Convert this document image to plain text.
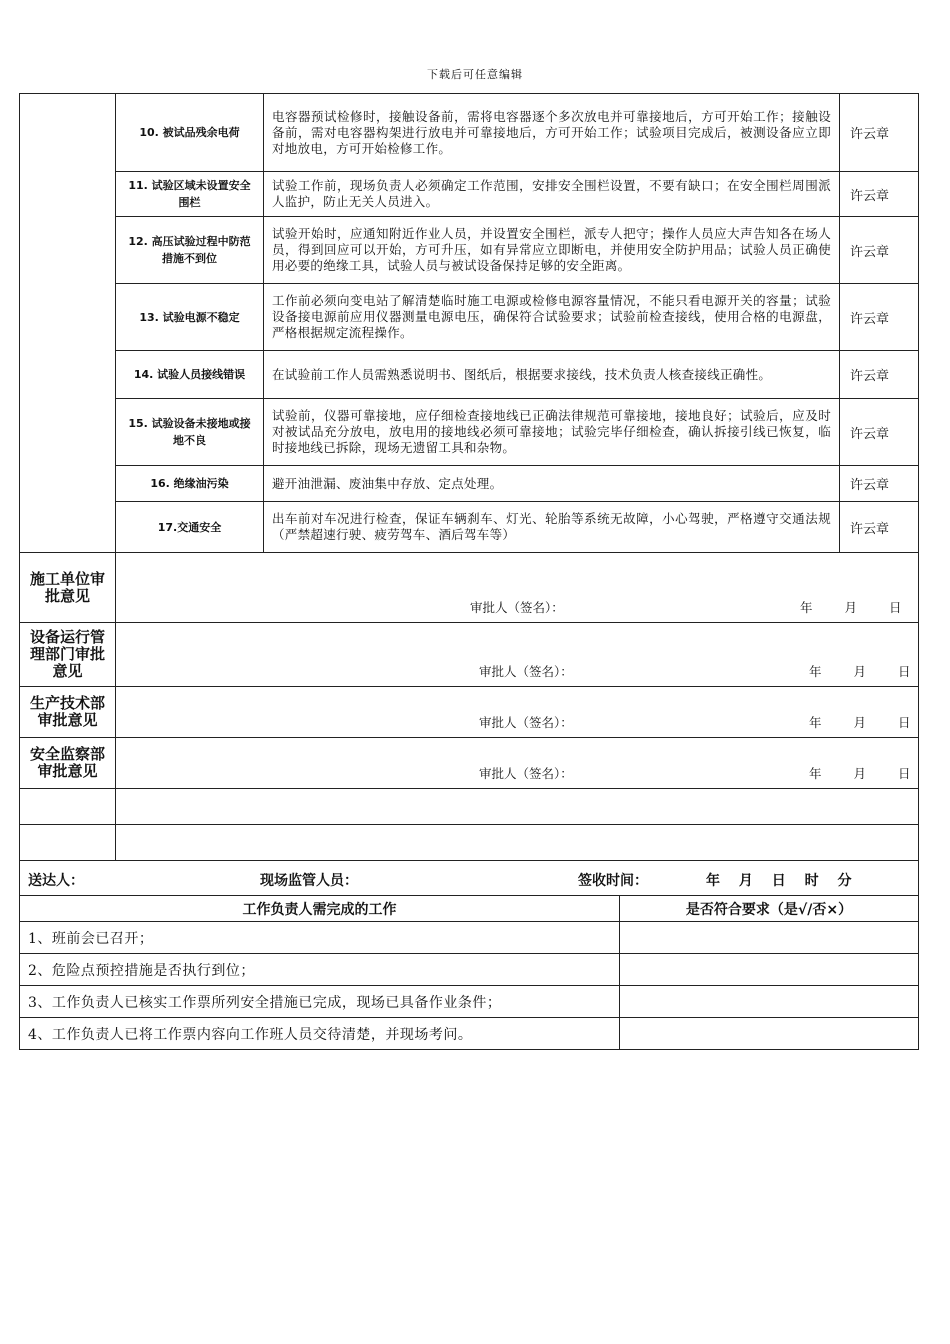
下载后可任意编辑
	10. 被试品残余电荷	电容器预试检修时，接触设备前，需将电容器逐个多次放电并可靠接地后，方可开始工作；接触设备前，需对电容器构架进行放电并可靠接地后，方可开始工作；试验项目完成后，被测设备应立即对地放电，方可开始检修工作。	许云章
	11. 试验区域未设置安全围栏	试验工作前，现场负责人必须确定工作范围，安排安全围栏设置，不要有缺口；在安全围栏周围派人监护，防止无关人员进入。	许云章
	12. 高压试验过程中防范措施不到位	试验开始时，应通知附近作业人员，并设置安全围栏，派专人把守；操作人员应大声告知各在场人员，得到回应可以开始，方可升压，如有异常应立即断电，并使用安全防护用品；试验人员正确使用必要的绝缘工具，试验人员与被试设备保持足够的安全距离。	许云章
	13. 试验电源不稳定	工作前必须向变电站了解清楚临时施工电源或检修电源容量情况，不能只看电源开关的容量；试验设备接电源前应用仪器测量电源电压，确保符合试验要求；试验前检查接线，使用合格的电源盘，严格根据规定流程操作。	许云章
	14. 试验人员接线错误	在试验前工作人员需熟悉说明书、图纸后，根据要求接线，技术负责人核查接线正确性。	许云章
	15. 试验设备未接地或接地不良	试验前，仪器可靠接地，应仔细检查接地线已正确法律规范可靠接地，接地良好；试验后，应及时对被试品充分放电，放电用的接地线必须可靠接地；试验完毕仔细检查，确认拆接引线已恢复，临时接地线已拆除，现场无遗留工具和杂物。	许云章
	16. 绝缘油污染	避开油泄漏、废油集中存放、定点处理。	许云章
	17.交通安全	出车前对车况进行检查，保证车辆刹车、灯光、轮胎等系统无故障，小心驾驶，严格遵守交通法规（严禁超速行驶、疲劳驾车、酒后驾车等）	许云章
施工单位审批意见	审批人（签名）： 年 月 日		

设备运行管理部门审批意见	审批人（签名）： 年 月 日		

生产技术部审批意见	审批人（签名）： 年 月 日		

安全监察部审批意见	审批人（签名）： 年 月 日		

送达人： 现场监管人员： 签收时间： 年 月 日 时 分	

工作负责人需完成的工作	是否符合要求（是√/否×）
1、班前会已召开；	
2、危险点预控措施是否执行到位；	
3、工作负责人已核实工作票所列安全措施已完成，现场已具备作业条件；	
4、工作负责人已将工作票内容向工作班人员交待清楚，并现场考问。	
